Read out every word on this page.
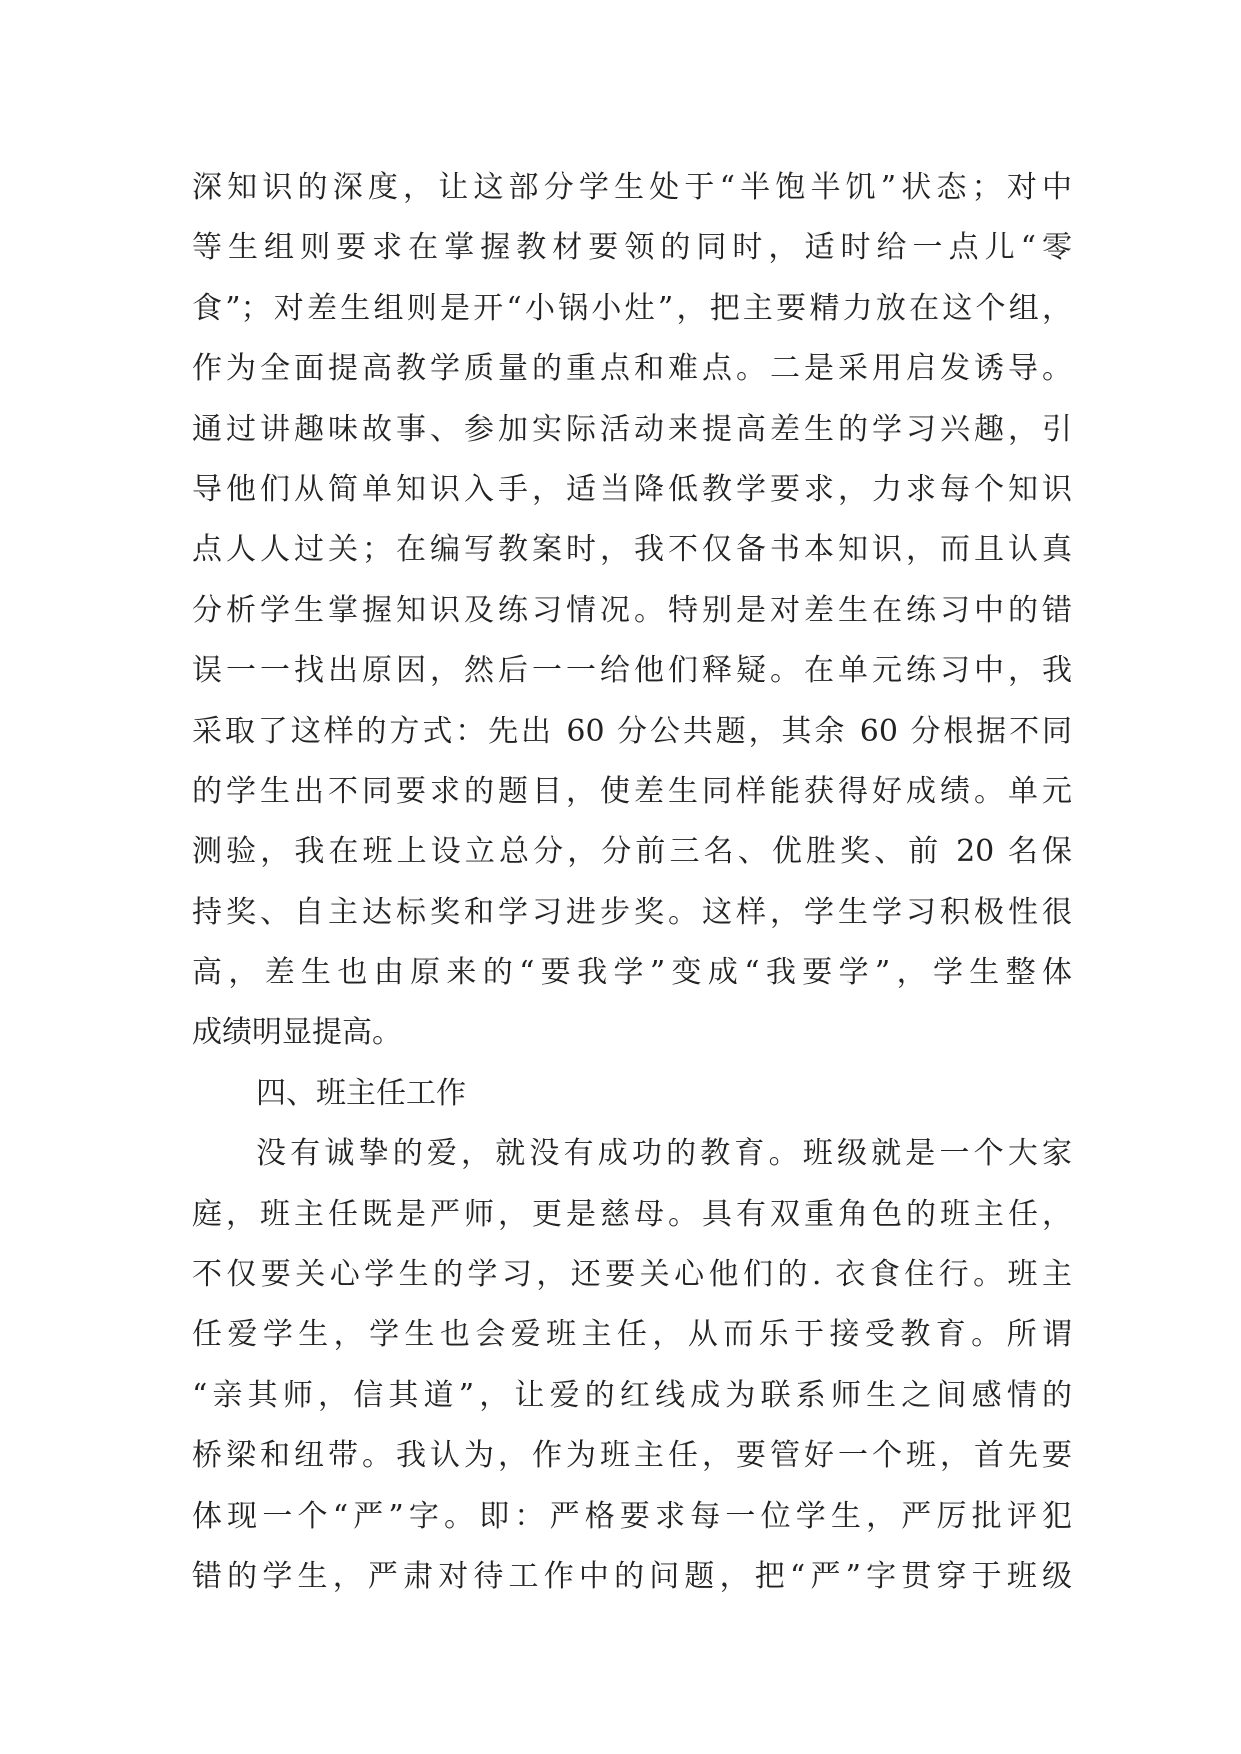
深知识的深度，让这部分学生处于“半饱半饥”状态；对中
等生组则要求在掌握教材要领的同时，适时给一点儿“零
食”；对差生组则是开“小锅小灶”，把主要精力放在这个组，
作为全面提高教学质量的重点和难点。二是采用启发诱导。
通过讲趣味故事、参加实际活动来提高差生的学习兴趣，引
导他们从简单知识入手，适当降低教学要求，力求每个知识
点人人过关；在编写教案时，我不仅备书本知识，而且认真
分析学生掌握知识及练习情况。特别是对差生在练习中的错
误一一找出原因，然后一一给他们释疑。在单元练习中，我
采取了这样的方式：先出 60 分公共题，其余 60 分根据不同
的学生出不同要求的题目，使差生同样能获得好成绩。单元
测验，我在班上设立总分，分前三名、优胜奖、前 20 名保
持奖、自主达标奖和学习进步奖。这样，学生学习积极性很
高，差生也由原来的“要我学”变成“我要学”，学生整体
成绩明显提高。
四、班主任工作
没有诚挚的爱，就没有成功的教育。班级就是一个大家
庭，班主任既是严师，更是慈母。具有双重角色的班主任，
不仅要关心学生的学习，还要关心他们的. 衣食住行。班主
任爱学生，学生也会爱班主任，从而乐于接受教育。所谓
“亲其师，信其道”，让爱的红线成为联系师生之间感情的
桥梁和纽带。我认为，作为班主任，要管好一个班，首先要
体现一个“严”字。即：严格要求每一位学生，严厉批评犯
错的学生，严肃对待工作中的问题，把“严”字贯穿于班级
